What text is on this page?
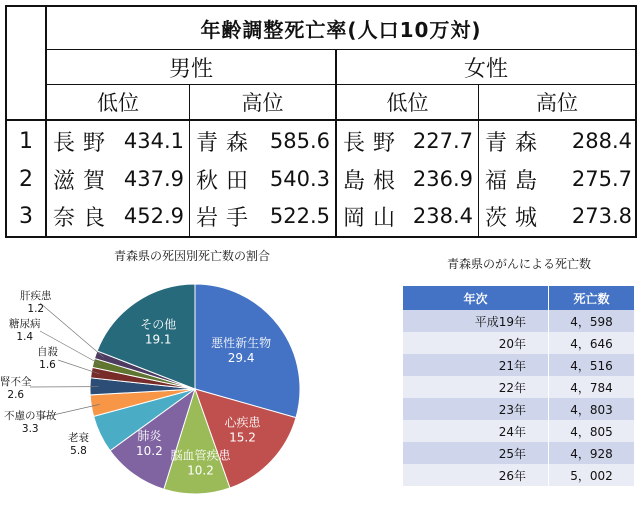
年齢調整死亡率(人口10万対)
男性	女性
低位	高位	低位	高位
1 長野 434.1 青森 585.6 長野 227.7 青森	288.4
2 滋賀 437.9 秋田 540.3 島根 236.9 福島	275.7
3 奈良 452.9 岩手 522.5 岡山 238.4 茨城	273.8
青森県の死因別死亡数の割合
悪性新生物
29.4
心疾患
15.2
脳血管疾患
10.2
肺炎
10.2
その他
19.1
肝疾患
1.2
糖尿病
1.4
自殺
1.6
腎不全
2.6
不慮の事故
3.3
老衰
5.8
青森県のがんによる死亡数
年次	死亡数
平成19年	4，598
20年	4，646
21年	4，516
22年	4，784
23年	4，803
24年	4，805
25年	4，928
26年	5，002
